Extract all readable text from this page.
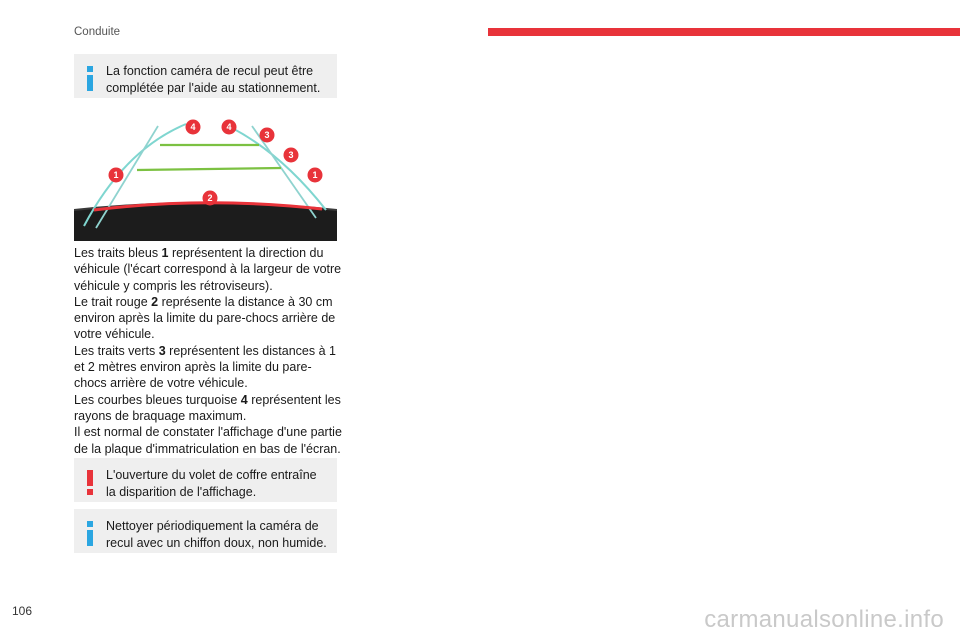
Conduite
La fonction caméra de recul peut être complétée par l'aide au stationnement.
4	4
3
3
1	1
2

Les traits bleus 1 représentent la direction du véhicule (l'écart correspond à la largeur de votre véhicule y compris les rétroviseurs).

Le trait rouge 2 représente la distance à 30 cm environ après la limite du pare-chocs arrière de votre véhicule.

Les traits verts 3 représentent les distances à 1 et 2 mètres environ après la limite du pare-chocs arrière de votre véhicule.

Les courbes bleues turquoise 4 représentent les rayons de braquage maximum.

Il est normal de constater l'affichage d'une partie de la plaque d'immatriculation en bas de l'écran.

L'ouverture du volet de coffre entraîne la disparition de l'affichage.
Nettoyer périodiquement la caméra de recul avec un chiffon doux, non humide.
106	carmanualsonline.info
